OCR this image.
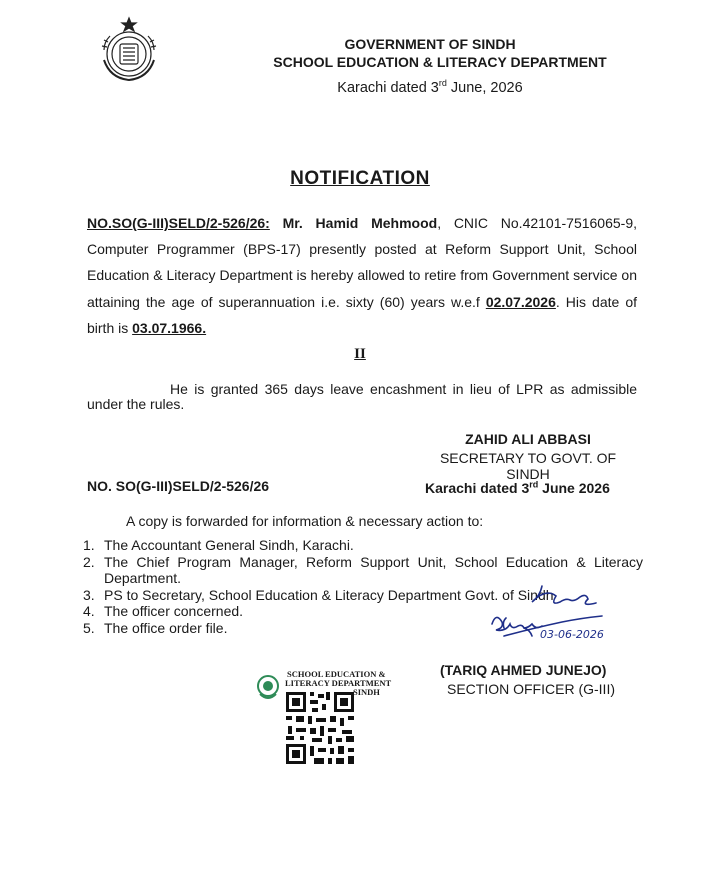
GOVERNMENT OF SINDH
SCHOOL EDUCATION & LITERACY DEPARTMENT
Karachi dated 3rd June, 2026
NOTIFICATION
NO.SO(G-III)SELD/2-526/26: Mr. Hamid Mehmood, CNIC No.42101-7516065-9, Computer Programmer (BPS-17) presently posted at Reform Support Unit, School Education & Literacy Department is hereby allowed to retire from Government service on attaining the age of superannuation i.e. sixty (60) years w.e.f 02.07.2026. His date of birth is 03.07.1966.
II
He is granted 365 days leave encashment in lieu of LPR as admissible
under the rules.
ZAHID ALI ABBASI
SECRETARY TO GOVT. OF SINDH
NO. SO(G-III)SELD/2-526/26	Karachi dated 3rd June 2026
A copy is forwarded for information & necessary action to:
1. The Accountant General Sindh, Karachi.
2. The Chief Program Manager, Reform Support Unit, School Education & Literacy Department.
3. PS to Secretary, School Education & Literacy Department Govt. of Sindh
4. The officer concerned.
5. The office order file.	03-06-2026
(TARIQ AHMED JUNEJO)
SECTION OFFICER (G-III)
SCHOOL EDUCATION &
LITERACY DEPARTMENT
SINDH
